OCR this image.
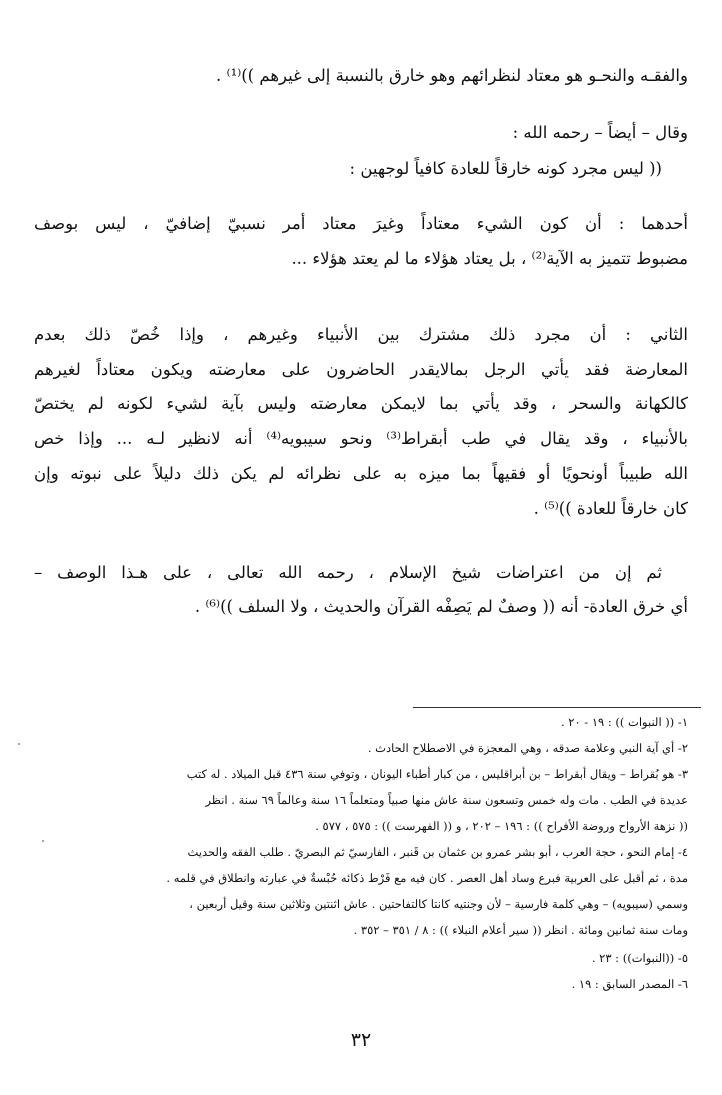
والفقـه والنحـو هو معتاد لنظرائهم وهو خارق بالنسبة إلى غيرهم ))⁽¹⁾ .
وقال – أيضاً – رحمه الله :
(( ليس مجرد كونه خارقاً للعادة كافياً لوجهين :
أحدهما : أن كون الشيء معتاداً وغيرَ معتاد أمر نسبيّ إضافيّ ، ليس بوصف
مضبوط تتميز به الآية⁽²⁾ ، بل يعتاد هؤلاء ما لم يعتد هؤلاء ...
الثاني : أن مجرد ذلك مشترك بين الأنبياء وغيرهم ، وإذا خُصّ ذلك بعدم
المعارضة فقد يأتي الرجل بمالايقدر الحاضرون على معارضته ويكون معتاداً لغيرهم
كالكهانة والسحر ، وقد يأتي بما لايمكن معارضته وليس بآية لشيء لكونه لم يختصّ
بالأنبياء ، وقد يقال في طب أبقراط⁽³⁾ ونحو سيبويه⁽⁴⁾ أنه لانظير لـه ... وإذا خص
الله طبيباً أونحويًا أو فقيهاً بما ميزه به على نظرائه لم يكن ذلك دليلاً على نبوته وإن
كان خارقاً للعادة ))⁽⁵⁾ .
ثم إن من اعتراضات شيخ الإسلام ، رحمه الله تعالى ، على هـذا الوصف –
أي خرق العادة- أنه (( وصفٌ لم يَصِفْه القرآن والحديث ، ولا السلف ))⁽⁶⁾ .
١- (( النبوات )) : ١٩ - ٢٠ .
٢- أي آية النبي وعلامة صدقه ، وهي المعجزة في الاصطلاح الحادث .
٣- هو بُقراط – ويقال أبقراط – بن أبراقليس ، من كبار أطباء اليونان ، وتوفي سنة ٤٣٦ قبل الميلاد . له كتب
عديدة في الطب . مات وله خمس وتسعون سنة عاش منها صبياً ومتعلماً ١٦ سنة وعالماً ٦٩ سنة . انظر
(( نزهة الأرواح وروضة الأفراح )) : ١٩٦ – ٢٠٢ ، و (( الفهرست )) : ٥٧٥ ، ٥٧٧ .
٤- إمام النحو ، حجة العرب ، أبو بشر عمرو بن عثمان بن قَنبر ، الفارسيّ ثم البصريّ . طلب الفقه والحديث
مدة ، ثم أقبل على العربية فبرع وساد أهل العصر . كان فيه مع فَرْط ذكائه حُبْسةٌ في عبارته وانطلاق في قلمه .
وسمي (سيبويه) – وهي كلمة فارسية – لأن وجنتيه كانتا كالتفاحتين . عاش اثنتين وثلاثين سنة وقيل أربعين ،
ومات سنة ثمانين ومائة . انظر (( سير أعلام النبلاء )) : ٨ / ٣٥١ – ٣٥٢ .
٥- ((النبوات)) : ٢٣ .
٦- المصدر السابق : ١٩ .
٣٢
